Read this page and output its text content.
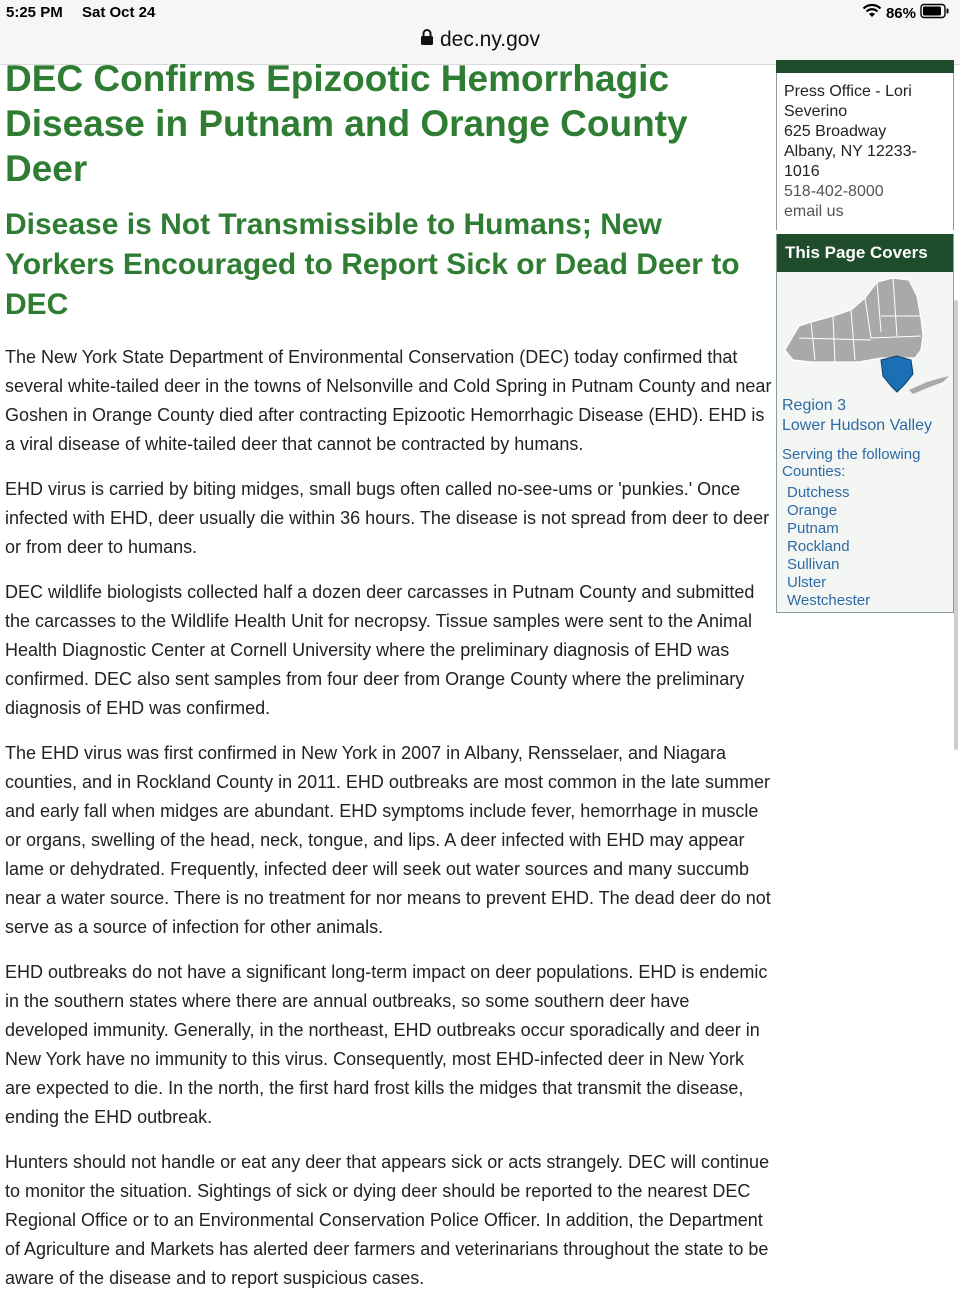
5:25 PM Sat Oct 24	86%
dec.ny.gov
DEC Confirms Epizootic Hemorrhagic Disease in Putnam and Orange County Deer
Disease is Not Transmissible to Humans; New Yorkers Encouraged to Report Sick or Dead Deer to DEC

The New York State Department of Environmental Conservation (DEC) today confirmed that several white-tailed deer in the towns of Nelsonville and Cold Spring in Putnam County and near Goshen in Orange County died after contracting Epizootic Hemorrhagic Disease (EHD). EHD is a viral disease of white-tailed deer that cannot be contracted by humans.

EHD virus is carried by biting midges, small bugs often called no-see-ums or 'punkies.' Once infected with EHD, deer usually die within 36 hours. The disease is not spread from deer to deer or from deer to humans.

DEC wildlife biologists collected half a dozen deer carcasses in Putnam County and submitted the carcasses to the Wildlife Health Unit for necropsy. Tissue samples were sent to the Animal Health Diagnostic Center at Cornell University where the preliminary diagnosis of EHD was confirmed. DEC also sent samples from four deer from Orange County where the preliminary diagnosis of EHD was confirmed.

The EHD virus was first confirmed in New York in 2007 in Albany, Rensselaer, and Niagara counties, and in Rockland County in 2011. EHD outbreaks are most common in the late summer and early fall when midges are abundant. EHD symptoms include fever, hemorrhage in muscle or organs, swelling of the head, neck, tongue, and lips. A deer infected with EHD may appear lame or dehydrated. Frequently, infected deer will seek out water sources and many succumb near a water source. There is no treatment for nor means to prevent EHD. The dead deer do not serve as a source of infection for other animals.

EHD outbreaks do not have a significant long-term impact on deer populations. EHD is endemic in the southern states where there are annual outbreaks, so some southern deer have developed immunity. Generally, in the northeast, EHD outbreaks occur sporadically and deer in New York have no immunity to this virus. Consequently, most EHD-infected deer in New York are expected to die. In the north, the first hard frost kills the midges that transmit the disease, ending the EHD outbreak.

Hunters should not handle or eat any deer that appears sick or acts strangely. DEC will continue to monitor the situation. Sightings of sick or dying deer should be reported to the nearest DEC Regional Office or to an Environmental Conservation Police Officer. In addition, the Department of Agriculture and Markets has alerted deer farmers and veterinarians throughout the state to be aware of the disease and to report suspicious cases.

Press Office - Lori Severino
625 Broadway
Albany, NY 12233-1016
518-402-8000
email us
This Page Covers
Region 3
Lower Hudson Valley
Serving the following Counties:
Dutchess
Orange
Putnam
Rockland
Sullivan
Ulster
Westchester
